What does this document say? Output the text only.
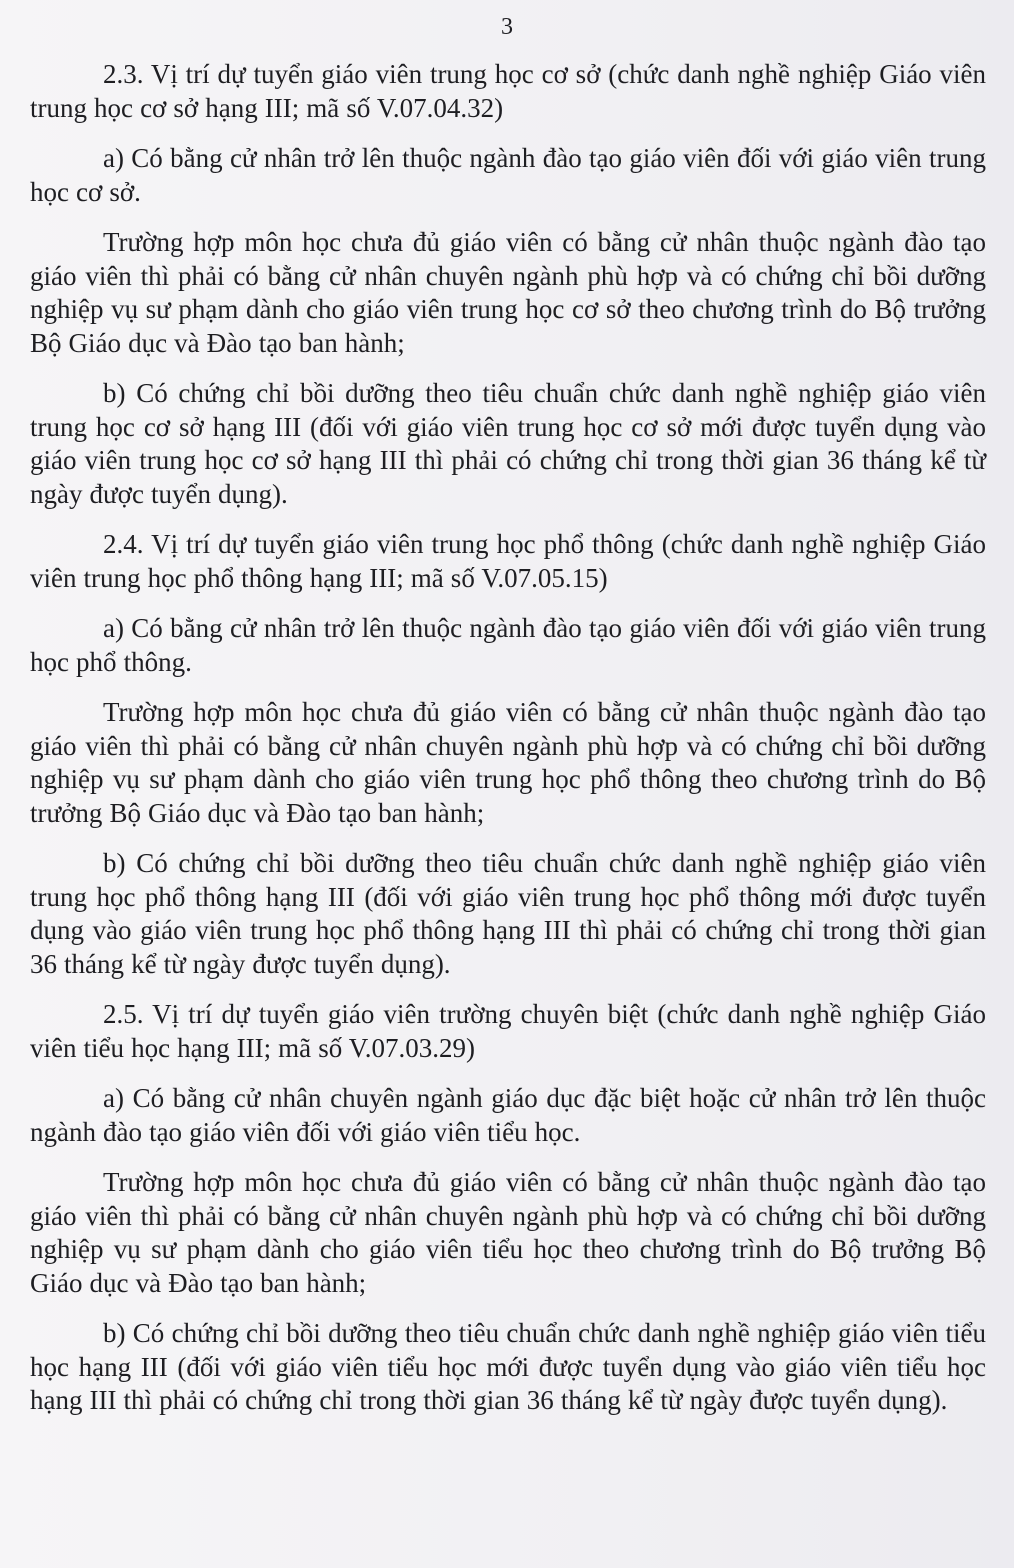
3

2.3. Vị trí dự tuyển giáo viên trung học cơ sở (chức danh nghề nghiệp Giáo viên trung học cơ sở hạng III; mã số V.07.04.32)

a) Có bằng cử nhân trở lên thuộc ngành đào tạo giáo viên đối với giáo viên trung học cơ sở.

Trường hợp môn học chưa đủ giáo viên có bằng cử nhân thuộc ngành đào tạo giáo viên thì phải có bằng cử nhân chuyên ngành phù hợp và có chứng chỉ bồi dưỡng nghiệp vụ sư phạm dành cho giáo viên trung học cơ sở theo chương trình do Bộ trưởng Bộ Giáo dục và Đào tạo ban hành;

b) Có chứng chỉ bồi dưỡng theo tiêu chuẩn chức danh nghề nghiệp giáo viên trung học cơ sở hạng III (đối với giáo viên trung học cơ sở mới được tuyển dụng vào giáo viên trung học cơ sở hạng III thì phải có chứng chỉ trong thời gian 36 tháng kể từ ngày được tuyển dụng).

2.4. Vị trí dự tuyển giáo viên trung học phổ thông (chức danh nghề nghiệp Giáo viên trung học phổ thông hạng III; mã số V.07.05.15)

a) Có bằng cử nhân trở lên thuộc ngành đào tạo giáo viên đối với giáo viên trung học phổ thông.

Trường hợp môn học chưa đủ giáo viên có bằng cử nhân thuộc ngành đào tạo giáo viên thì phải có bằng cử nhân chuyên ngành phù hợp và có chứng chỉ bồi dưỡng nghiệp vụ sư phạm dành cho giáo viên trung học phổ thông theo chương trình do Bộ trưởng Bộ Giáo dục và Đào tạo ban hành;

b) Có chứng chỉ bồi dưỡng theo tiêu chuẩn chức danh nghề nghiệp giáo viên trung học phổ thông hạng III (đối với giáo viên trung học phổ thông mới được tuyển dụng vào giáo viên trung học phổ thông hạng III thì phải có chứng chỉ trong thời gian 36 tháng kể từ ngày được tuyển dụng).

2.5. Vị trí dự tuyển giáo viên trường chuyên biệt (chức danh nghề nghiệp Giáo viên tiểu học hạng III; mã số V.07.03.29)

a) Có bằng cử nhân chuyên ngành giáo dục đặc biệt hoặc cử nhân trở lên thuộc ngành đào tạo giáo viên đối với giáo viên tiểu học.

Trường hợp môn học chưa đủ giáo viên có bằng cử nhân thuộc ngành đào tạo giáo viên thì phải có bằng cử nhân chuyên ngành phù hợp và có chứng chỉ bồi dưỡng nghiệp vụ sư phạm dành cho giáo viên tiểu học theo chương trình do Bộ trưởng Bộ Giáo dục và Đào tạo ban hành;

b) Có chứng chỉ bồi dưỡng theo tiêu chuẩn chức danh nghề nghiệp giáo viên tiểu học hạng III (đối với giáo viên tiểu học mới được tuyển dụng vào giáo viên tiểu học hạng III thì phải có chứng chỉ trong thời gian 36 tháng kể từ ngày được tuyển dụng).
